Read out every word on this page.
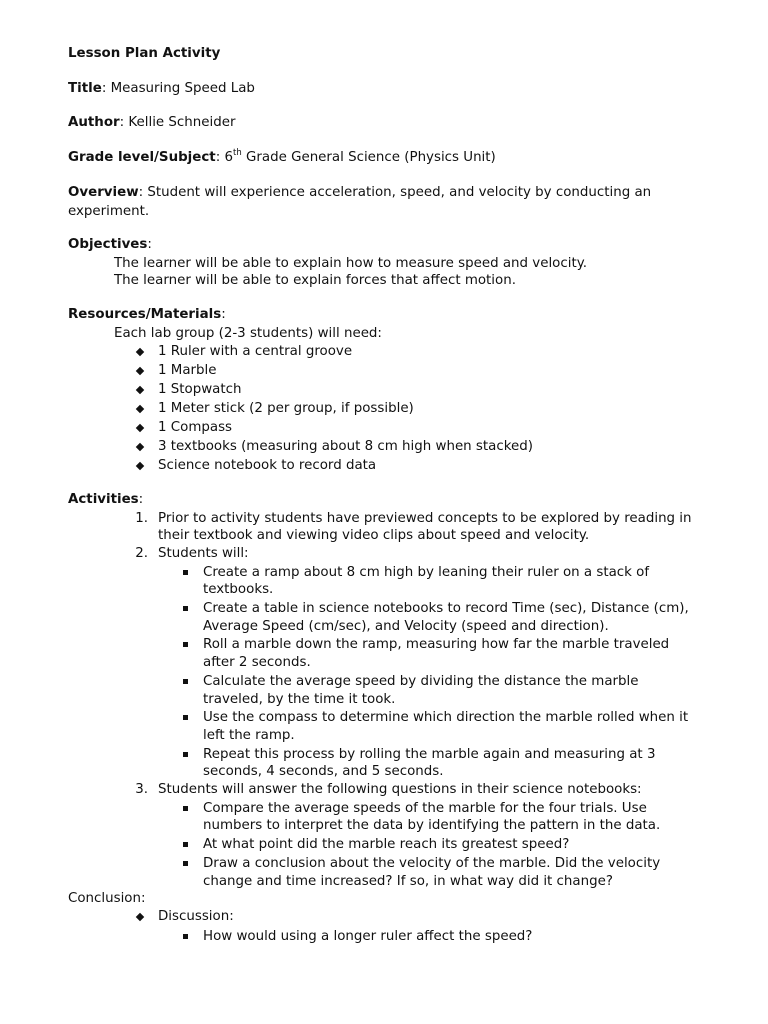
Lesson Plan Activity
Title: Measuring Speed Lab
Author: Kellie Schneider
Grade level/Subject: 6th Grade General Science (Physics Unit)
Overview: Student will experience acceleration, speed, and velocity by conducting an
experiment.
Objectives:
The learner will be able to explain how to measure speed and velocity.
The learner will be able to explain forces that affect motion.
Resources/Materials:
Each lab group (2-3 students) will need:
1 Ruler with a central groove
1 Marble
1 Stopwatch
1 Meter stick (2 per group, if possible)
1 Compass
3 textbooks (measuring about 8 cm high when stacked)
Science notebook to record data
Activities:
1. Prior to activity students have previewed concepts to be explored by reading in
their textbook and viewing video clips about speed and velocity.
2. Students will:
Create a ramp about 8 cm high by leaning their ruler on a stack of
textbooks.
Create a table in science notebooks to record Time (sec), Distance (cm),
Average Speed (cm/sec), and Velocity (speed and direction).
Roll a marble down the ramp, measuring how far the marble traveled
after 2 seconds.
Calculate the average speed by dividing the distance the marble
traveled, by the time it took.
Use the compass to determine which direction the marble rolled when it
left the ramp.
Repeat this process by rolling the marble again and measuring at 3
seconds, 4 seconds, and 5 seconds.
3. Students will answer the following questions in their science notebooks:
Compare the average speeds of the marble for the four trials. Use
numbers to interpret the data by identifying the pattern in the data.
At what point did the marble reach its greatest speed?
Draw a conclusion about the velocity of the marble. Did the velocity
change and time increased? If so, in what way did it change?
Conclusion:
Discussion:
How would using a longer ruler affect the speed?
